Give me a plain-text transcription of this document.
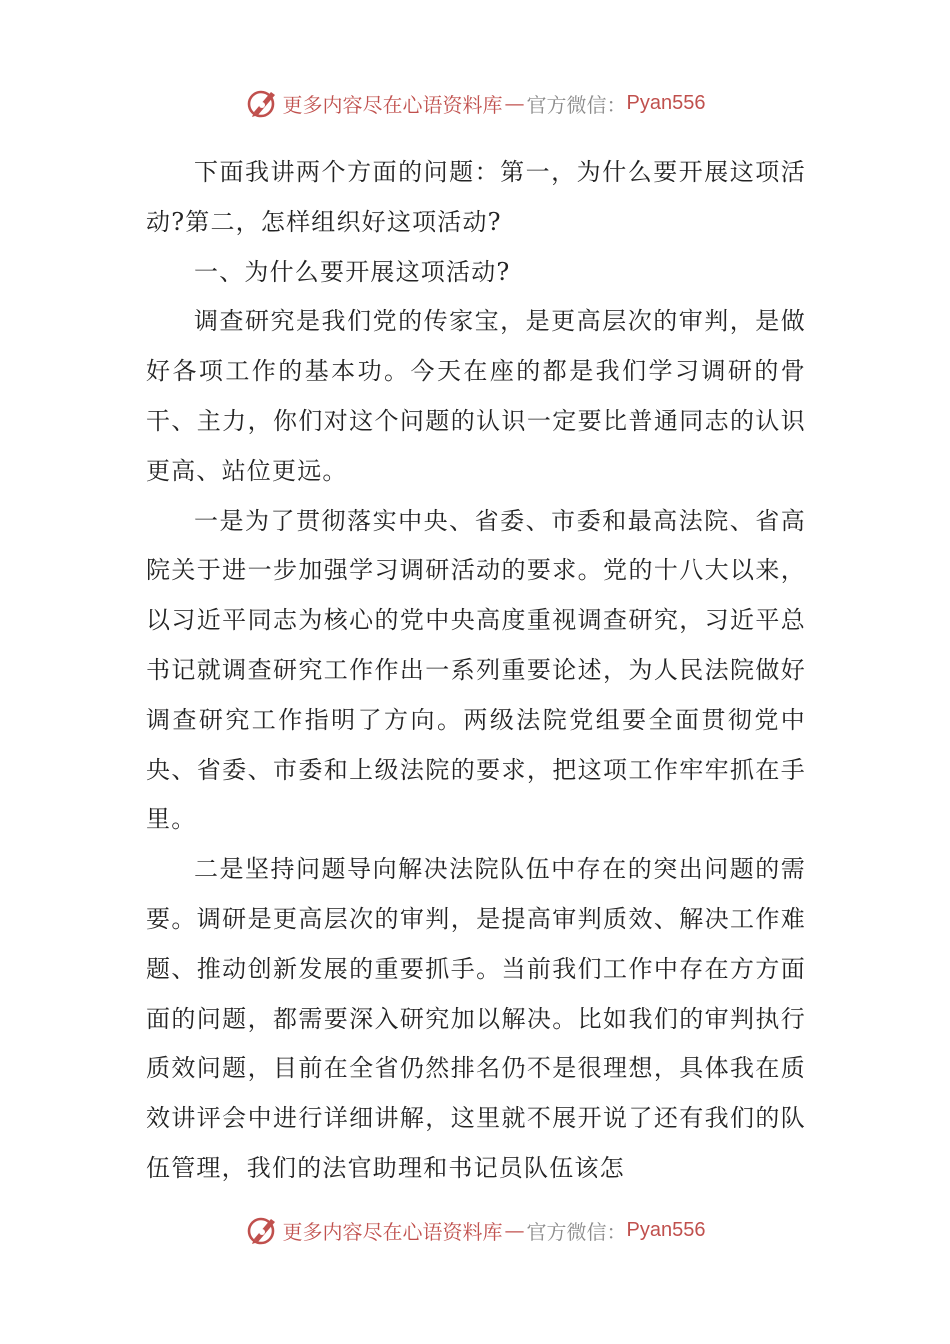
更多内容尽在心语资料库 — 官方微信： Pyan556

下面我讲两个方面的问题：第一，为什么要开展这项活动?第二，怎样组织好这项活动?

一、为什么要开展这项活动?

调查研究是我们党的传家宝，是更高层次的审判，是做好各项工作的基本功。今天在座的都是我们学习调研的骨干、主力，你们对这个问题的认识一定要比普通同志的认识更高、站位更远。

一是为了贯彻落实中央、省委、市委和最高法院、省高院关于进一步加强学习调研活动的要求。党的十八大以来，以习近平同志为核心的党中央高度重视调查研究，习近平总书记就调查研究工作作出一系列重要论述，为人民法院做好调查研究工作指明了方向。两级法院党组要全面贯彻党中央、省委、市委和上级法院的要求，把这项工作牢牢抓在手里。

二是坚持问题导向解决法院队伍中存在的突出问题的需要。调研是更高层次的审判，是提高审判质效、解决工作难题、推动创新发展的重要抓手。当前我们工作中存在方方面面的问题，都需要深入研究加以解决。比如我们的审判执行质效问题，目前在全省仍然排名仍不是很理想，具体我在质效讲评会中进行详细讲解，这里就不展开说了还有我们的队伍管理，我们的法官助理和书记员队伍该怎

更多内容尽在心语资料库 — 官方微信： Pyan556
